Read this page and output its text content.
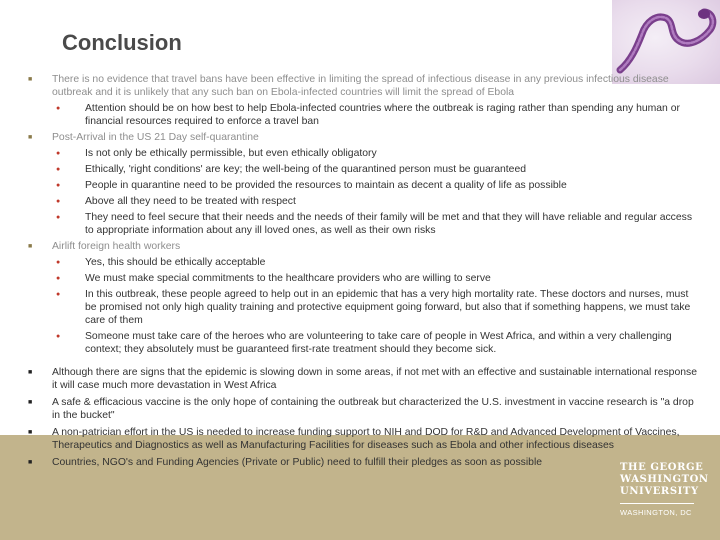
Conclusion
■	There is no evidence that travel bans have been effective in limiting the spread of infectious disease in any previous infectious disease outbreak and it is unlikely that any such ban on Ebola-infected countries will limit the spread of Ebola
●	Attention should be on how best to help Ebola-infected countries where the outbreak is raging rather than spending any human or financial resources required to enforce a travel ban
■	Post-Arrival in the US 21 Day self-quarantine
●	Is not only be ethically permissible, but even ethically obligatory
●	Ethically, 'right conditions' are key; the well-being of the quarantined person must be guaranteed
●	People in quarantine need to be provided the resources to maintain as decent a quality of life as possible
●	Above all they need to be treated with respect
●	They need to feel secure that their needs and the needs of their family will be met and that they will have reliable and regular access to appropriate information about any ill loved ones, as well as their own risks
■	Airlift foreign health workers
●	Yes, this should be ethically acceptable
●	We must make special commitments to the healthcare providers who are willing to serve
●	In this outbreak, these people agreed to help out in an epidemic that has a very high mortality rate. These doctors and nurses, must be promised not only high quality training and protective equipment going forward, but also that if something happens, we must take care of them
●	Someone must take care of the heroes who are volunteering to take care of people in West Africa, and within a very challenging context; they absolutely must be guaranteed first-rate treatment should they become sick.
■	Although there are signs that the epidemic is slowing down in some areas, if not met with an effective and sustainable international response it will case much more devastation in West Africa
■	A safe & efficacious vaccine is the only hope of containing the outbreak but characterized the U.S. investment in vaccine research is "a drop in the bucket"
■	A non-patrician effort in the US is needed to increase funding support to NIH and DOD for R&D and Advanced Development of Vaccines, Therapeutics and Diagnostics as well as Manufacturing Facilities for diseases such as Ebola and other infectious diseases
■	Countries, NGO's and Funding Agencies (Private or Public) need to fulfill their pledges as soon as possible	THE GEORGE
WASHINGTON
UNIVERSITY
WASHINGTON, DC
